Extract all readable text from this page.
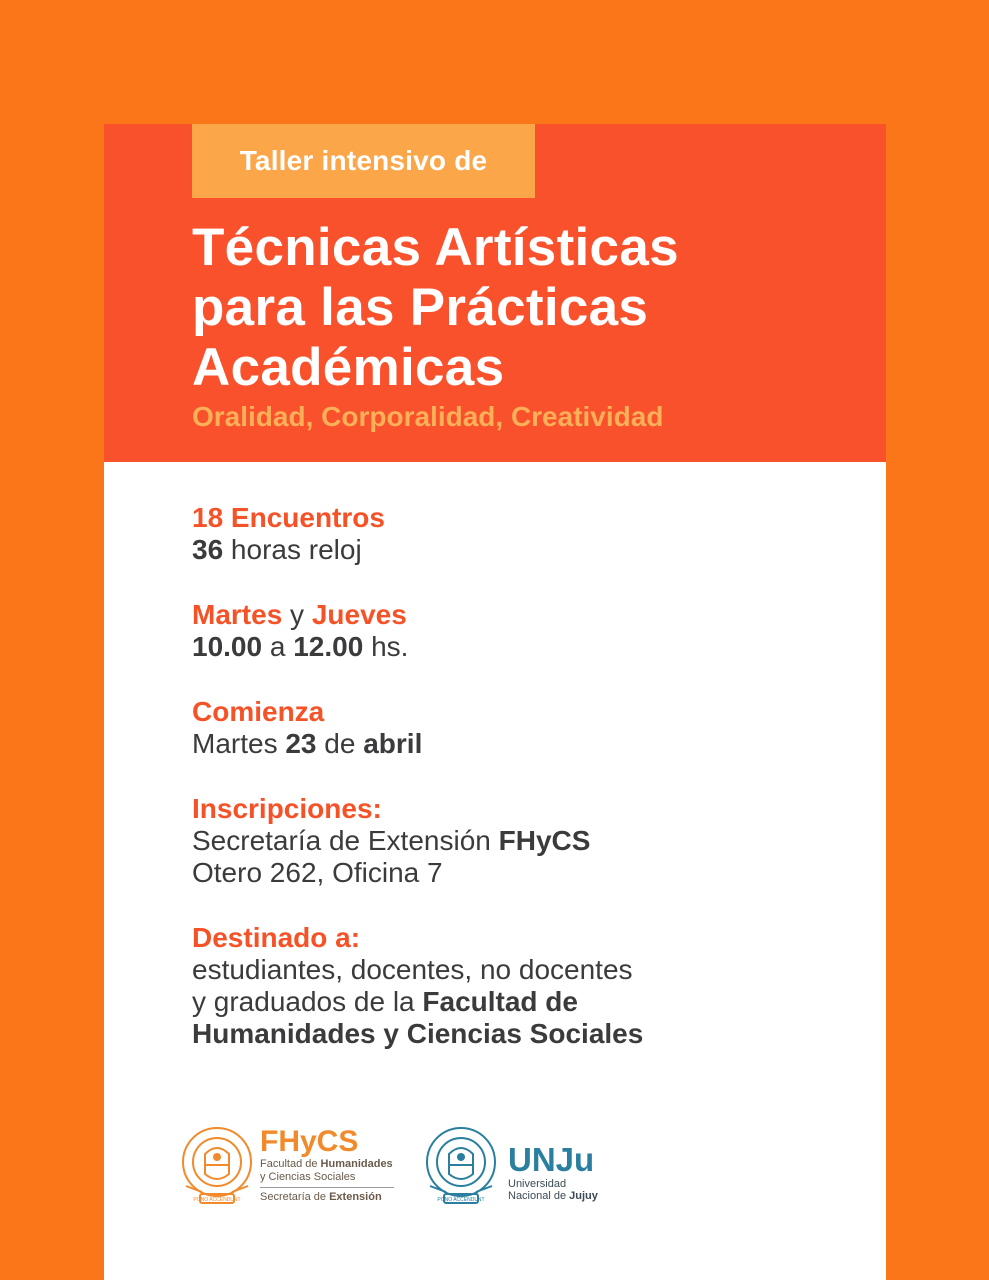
Taller intensivo de
Técnicas Artísticas
para las Prácticas
Académicas
Oralidad, Corporalidad, Creatividad
18 Encuentros
36 horas reloj
Martes y Jueves
10.00 a 12.00 hs.
Comienza
Martes 23 de abril
Inscripciones:
Secretaría de Extensión FHyCS
Otero 262, Oficina 7
Destinado a:
estudiantes, docentes, no docentes
y graduados de la Facultad de
Humanidades y Ciencias Sociales
PONO ACCENDUNT
FHyCS
Facultad de Humanidades
y Ciencias Sociales
Secretaría de Extensión	PONO ACCENDUNT
UNJu
Universidad
Nacional de Jujuy
